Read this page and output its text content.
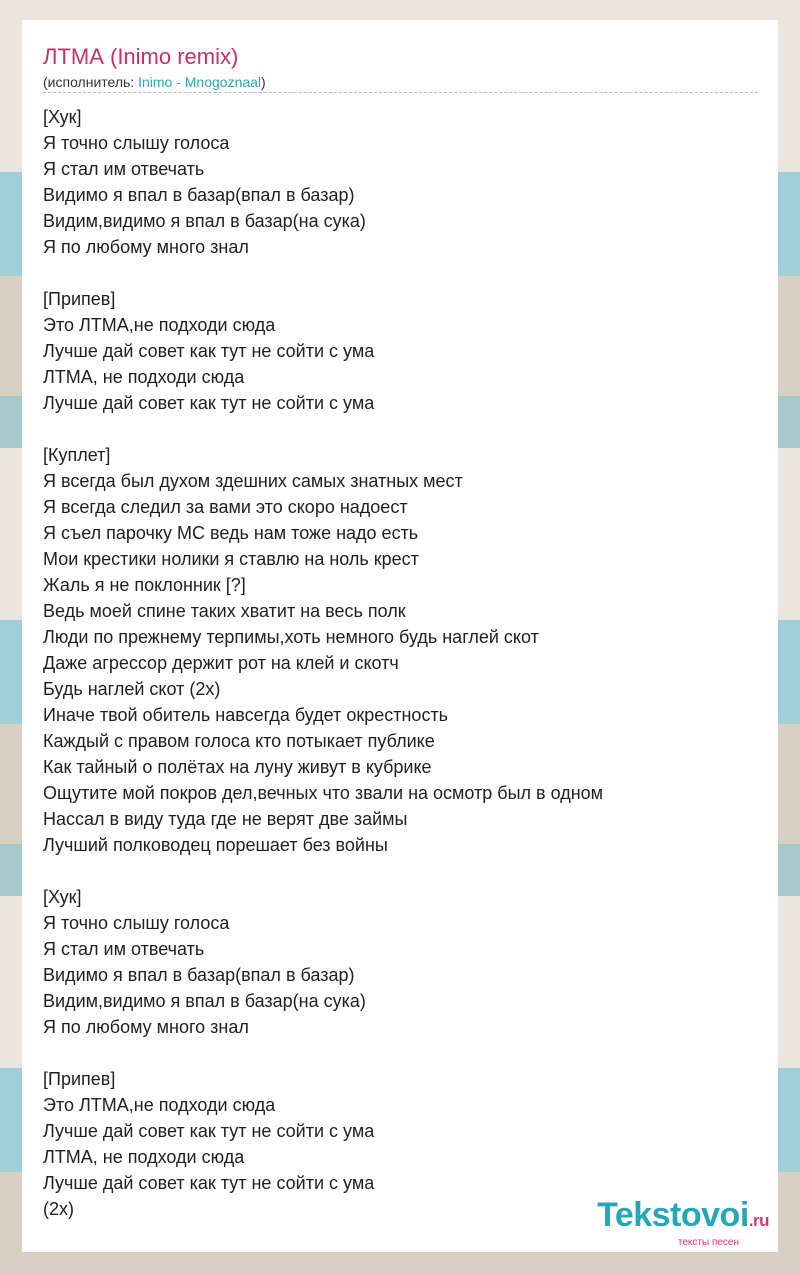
ЛТМА (Inimo remix)
(исполнитель: Inimo - Mnogoznaal)
[Хук]
Я точно слышу голоса
Я стал им отвечать
Видимо я впал в базар(впал в базар)
Видим,видимо я впал в базар(на сука)
Я по любому много знал
[Припев]
Это ЛТМА,не подходи сюда
Лучше дай совет как тут не сойти с ума
ЛТМА, не подходи сюда
Лучше дай совет как тут не сойти с ума
[Куплет]
Я всегда был духом здешних самых знатных мест
Я всегда следил за вами это скоро надоест
Я съел парочку МС ведь нам тоже надо есть
Мои крестики нолики я ставлю на ноль крест
Жаль я не поклонник [?]
Ведь моей спине таких хватит на весь полк
Люди по прежнему терпимы,хоть немного будь наглей скот
Даже агрессор держит рот на клей и скотч
Будь наглей скот (2x)
Иначе твой обитель навсегда будет окрестность
Каждый с правом голоса кто потыкает публике
Как тайный о полётах на луну живут в кубрике
Ощутите мой покров дел,вечных что звали на осмотр был в одном
Нассал в виду туда где не верят две займы
Лучший полководец порешает без войны
[Хук]
Я точно слышу голоса
Я стал им отвечать
Видимо я впал в базар(впал в базар)
Видим,видимо я впал в базар(на сука)
Я по любому много знал
[Припев]
Это ЛТМА,не подходи сюда
Лучше дай совет как тут не сойти с ума
ЛТМА, не подходи сюда
Лучше дай совет как тут не сойти с ума
(2x)	Tekstovoi.ru
тексты песен
